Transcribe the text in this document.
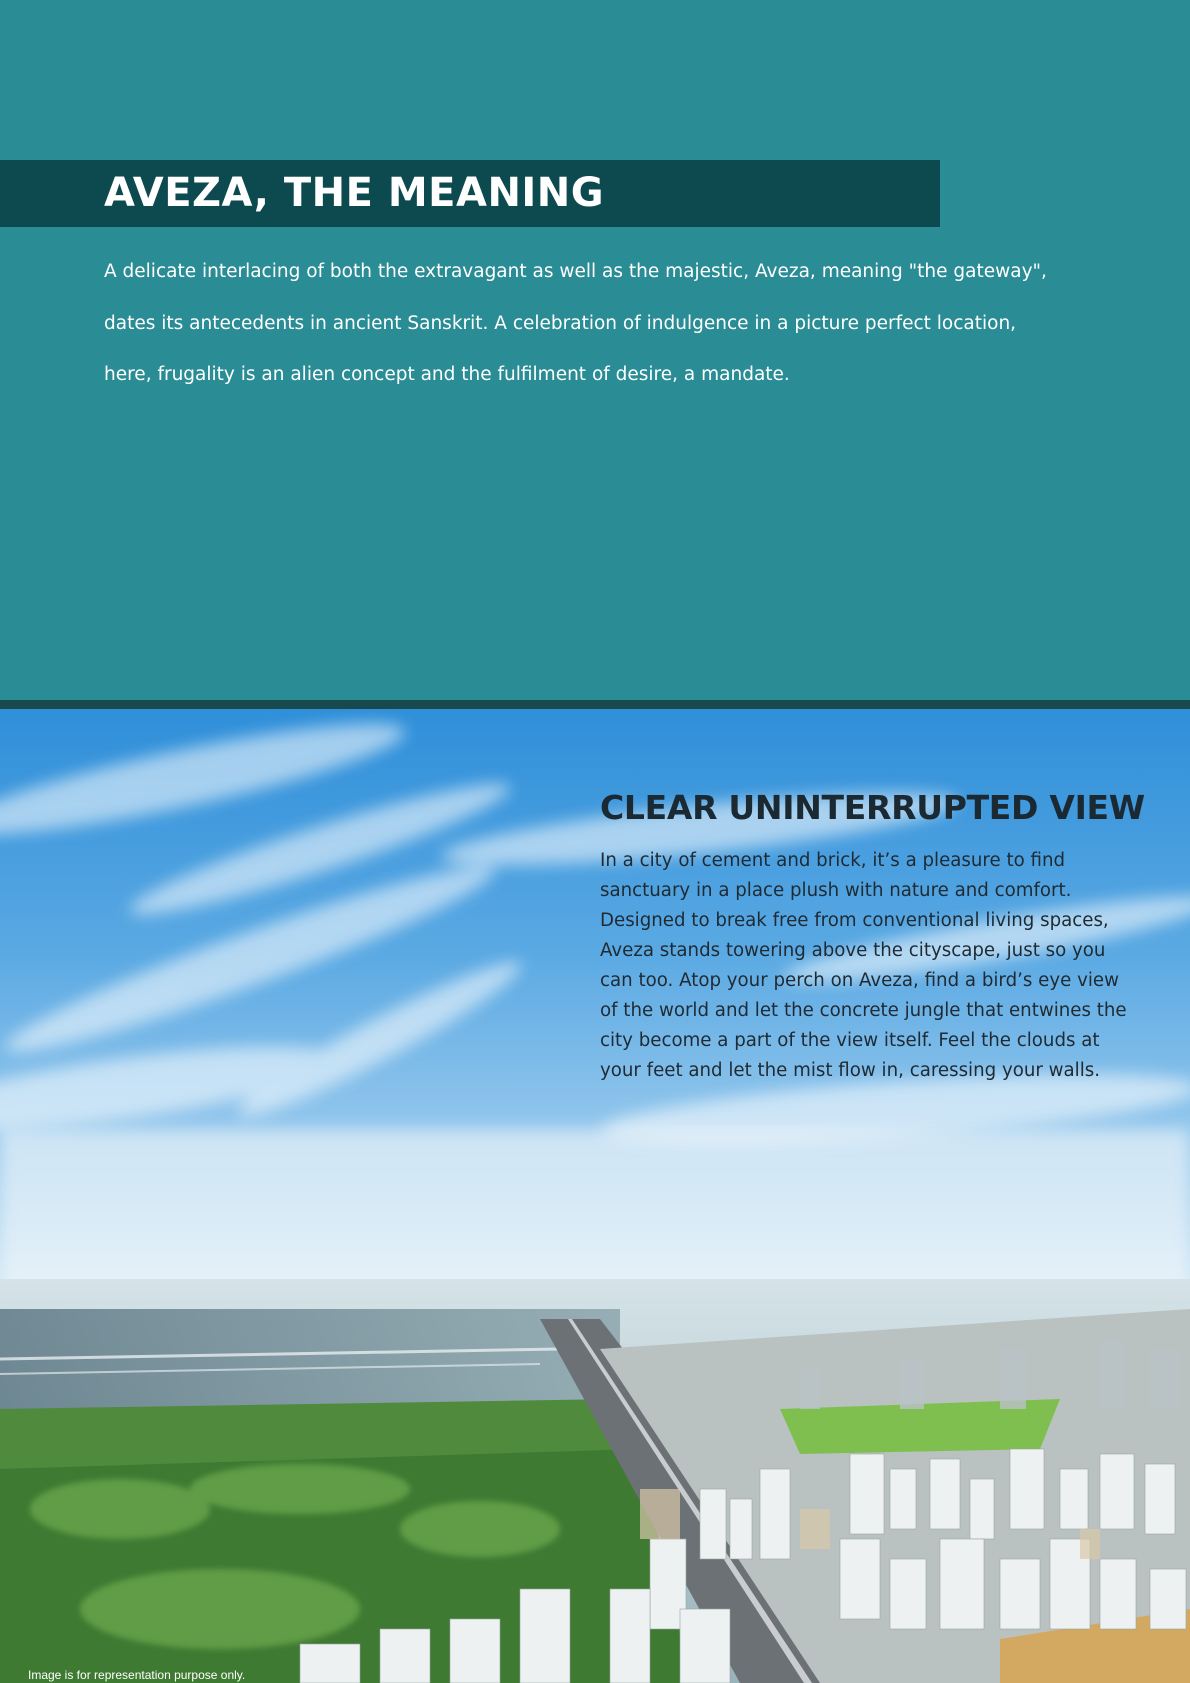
AVEZA, THE MEANING
A delicate interlacing of both the extravagant as well as the majestic, Aveza, meaning "the gateway",
dates its antecedents in ancient Sanskrit. A celebration of indulgence in a picture perfect location,
here, frugality is an alien concept and the fulfilment of desire, a mandate.
CLEAR UNINTERRUPTED VIEW
In a city of cement and brick, it’s a pleasure to find
sanctuary in a place plush with nature and comfort.
Designed to break free from conventional living spaces,
Aveza stands towering above the cityscape, just so you
can too. Atop your perch on Aveza, find a bird’s eye view
of the world and let the concrete jungle that entwines the
city become a part of the view itself. Feel the clouds at
your feet and let the mist flow in, caressing your walls.

Image is for representation purpose only.
